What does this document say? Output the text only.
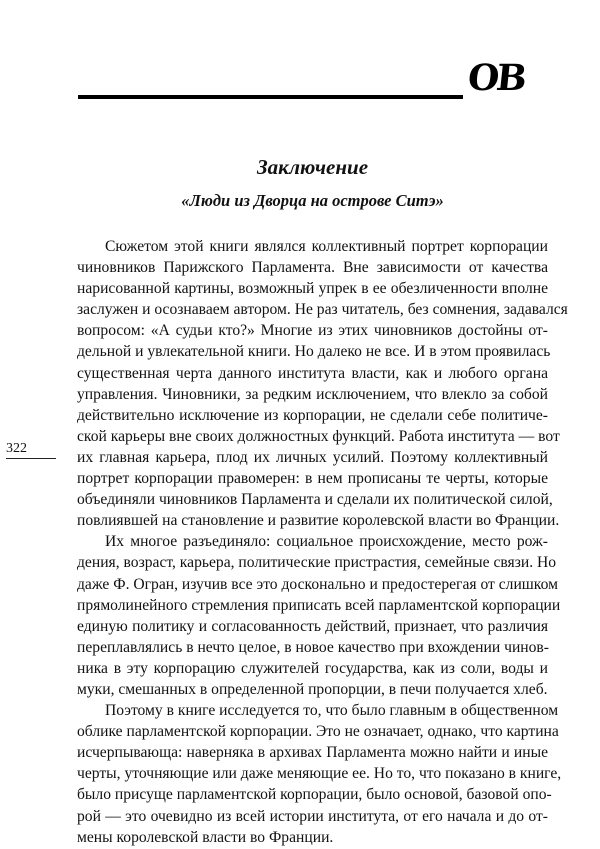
OB
322
Заключение
«Люди из Дворца на острове Ситэ»
Сюжетом этой книги являлся коллективный портрет корпорации
чиновников Парижского Парламента. Вне зависимости от качества
нарисованной картины, возможный упрек в ее обезличенности вполне
заслужен и осознаваем автором. Не раз читатель, без сомнения, задавался
вопросом: «А судьи кто?» Многие из этих чиновников достойны от-
дельной и увлекательной книги. Но далеко не все. И в этом проявилась
существенная черта данного института власти, как и любого органа
управления. Чиновники, за редким исключением, что влекло за собой
действительно исключение из корпорации, не сделали себе политиче-
ской карьеры вне своих должностных функций. Работа института — вот
их главная карьера, плод их личных усилий. Поэтому коллективный
портрет корпорации правомерен: в нем прописаны те черты, которые
объединяли чиновников Парламента и сделали их политической силой,
повлиявшей на становление и развитие королевской власти во Франции.
Их многое разъединяло: социальное происхождение, место рож-
дения, возраст, карьера, политические пристрастия, семейные связи. Но
даже Ф. Огран, изучив все это досконально и предостерегая от слишком
прямолинейного стремления приписать всей парламентской корпорации
единую политику и согласованность действий, признает, что различия
переплавлялись в нечто целое, в новое качество при вхождении чинов-
ника в эту корпорацию служителей государства, как из соли, воды и
муки, смешанных в определенной пропорции, в печи получается хлеб.
Поэтому в книге исследуется то, что было главным в общественном
облике парламентской корпорации. Это не означает, однако, что картина
исчерпывающа: наверняка в архивах Парламента можно найти и иные
черты, уточняющие или даже меняющие ее. Но то, что показано в книге,
было присуще парламентской корпорации, было основой, базовой опо-
рой — это очевидно из всей истории института, от его начала и до от-
мены королевской власти во Франции.
